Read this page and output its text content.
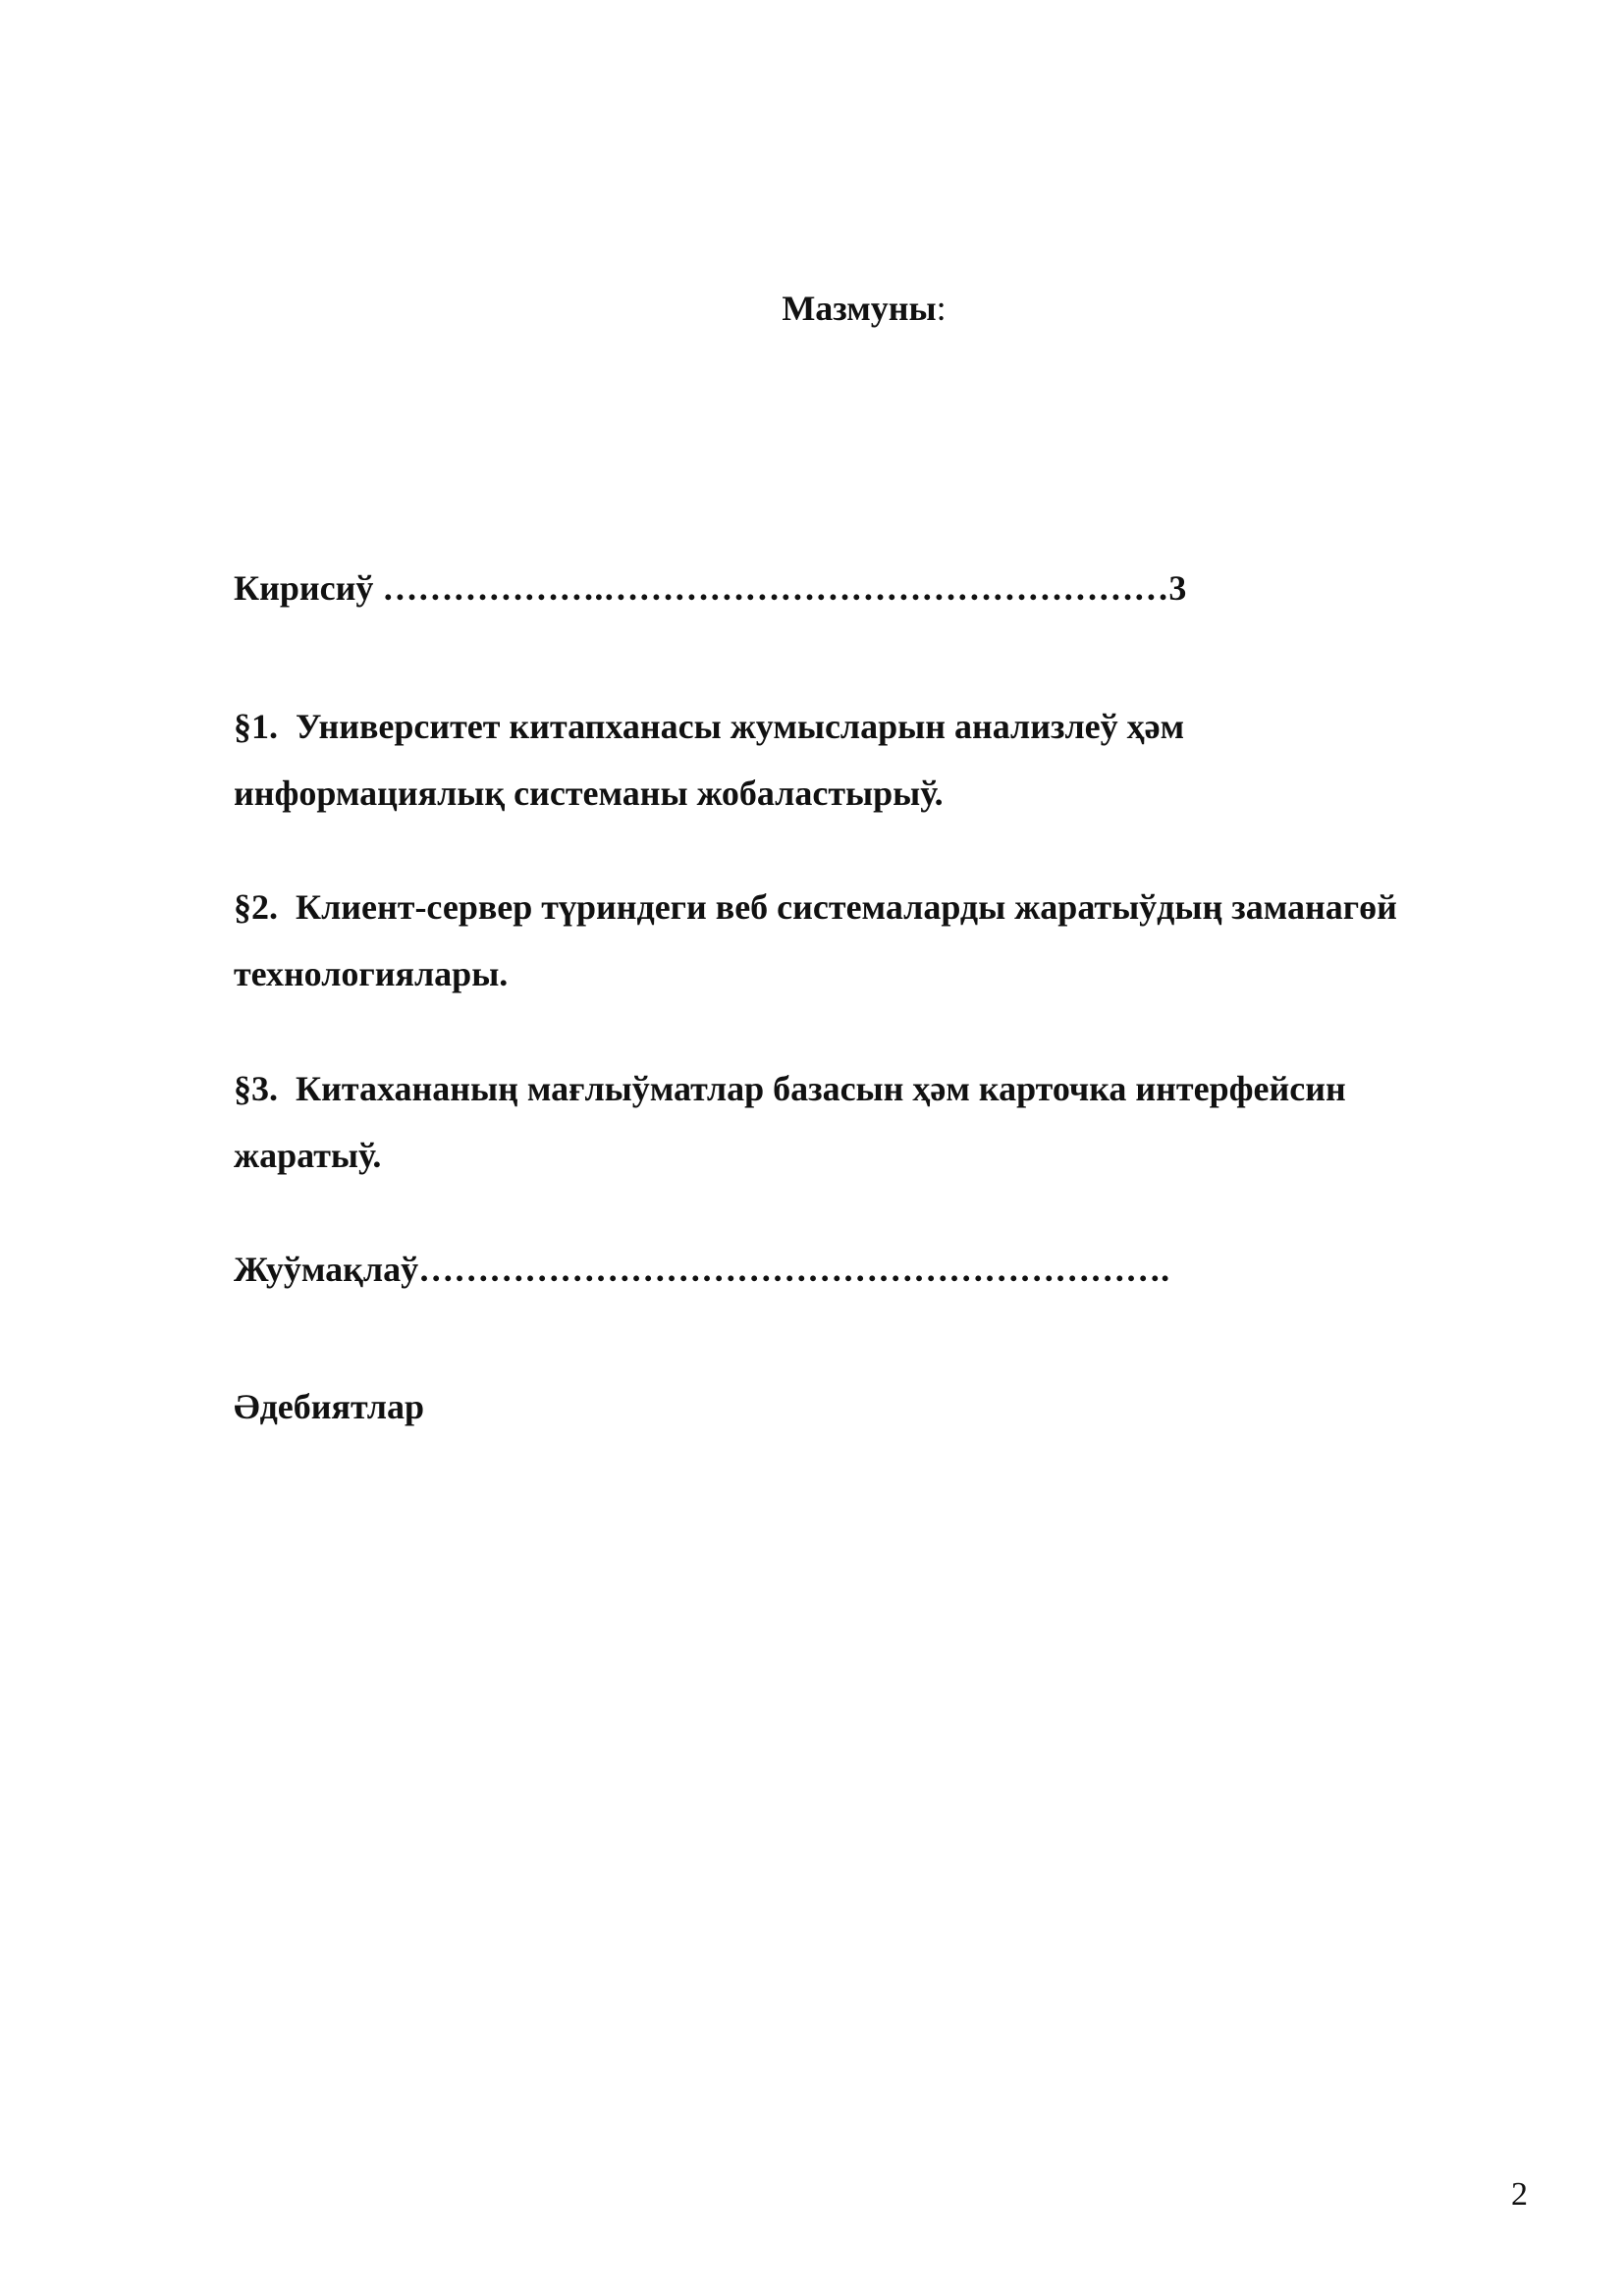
Мазмуны:
Кирисиў ……………….…………………………………………3
§1. Университет китапханасы жумысларын анализлеў ҳәм
информациялық системаны жобаластырыў.
§2. Клиент-сервер түриндеги веб системаларды жаратыўдың заманагөй
технологиялары.
§3. Китахананың мағлыўматлар базасын ҳәм карточка интерфейсин
жаратыў.
Жуўмақлаў……………………………………………………….
Әдебиятлар
2
